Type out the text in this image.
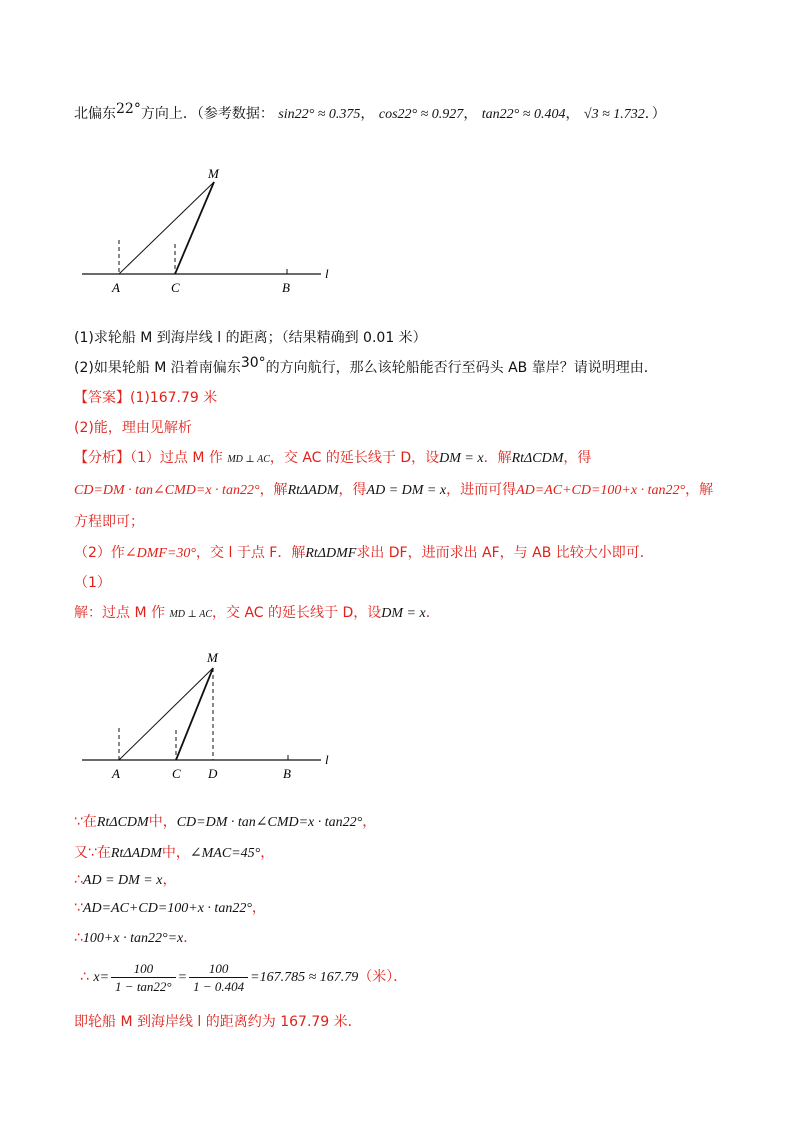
北偏东22°方向上．（参考数据： sin22° ≈ 0.375， cos22° ≈ 0.927， tan22° ≈ 0.404， √3 ≈ 1.732．）
M
A	C	B
l
(1)求轮船 M 到海岸线 l 的距离；（结果精确到 0.01 米）
(2)如果轮船 M 沿着南偏东30°的方向航行，那么该轮船能否行至码头 AB 靠岸？请说明理由．
【答案】(1)167.79 米
(2)能，理由见解析
【分析】（1）过点 M 作 MD ⊥ AC，交 AC 的延长线于 D，设DM = x．解RtΔCDM，得
CD=DM · tan∠CMD=x · tan22°，解RtΔADM，得AD = DM = x，进而可得AD=AC+CD=100+x · tan22°，解
方程即可；
（2）作∠DMF=30°，交 l 于点 F．解RtΔDMF求出 DF，进而求出 AF，与 AB 比较大小即可．
（1）
解：过点 M 作 MD ⊥ AC，交 AC 的延长线于 D，设DM = x．
M
A	C D	B
l
∵在RtΔCDM中，CD=DM · tan∠CMD=x · tan22°，
又∵在RtΔADM中，∠MAC=45°，
∴AD = DM = x，
∵AD=AC+CD=100+x · tan22°，
∴100+x · tan22°=x．
∴ $x= \frac{100}{1 - \tan 22^\circ} = \frac{100}{1 - 0.404} =167.785 \approx 167.79$（米）．
即轮船 M 到海岸线 l 的距离约为 167.79 米．
